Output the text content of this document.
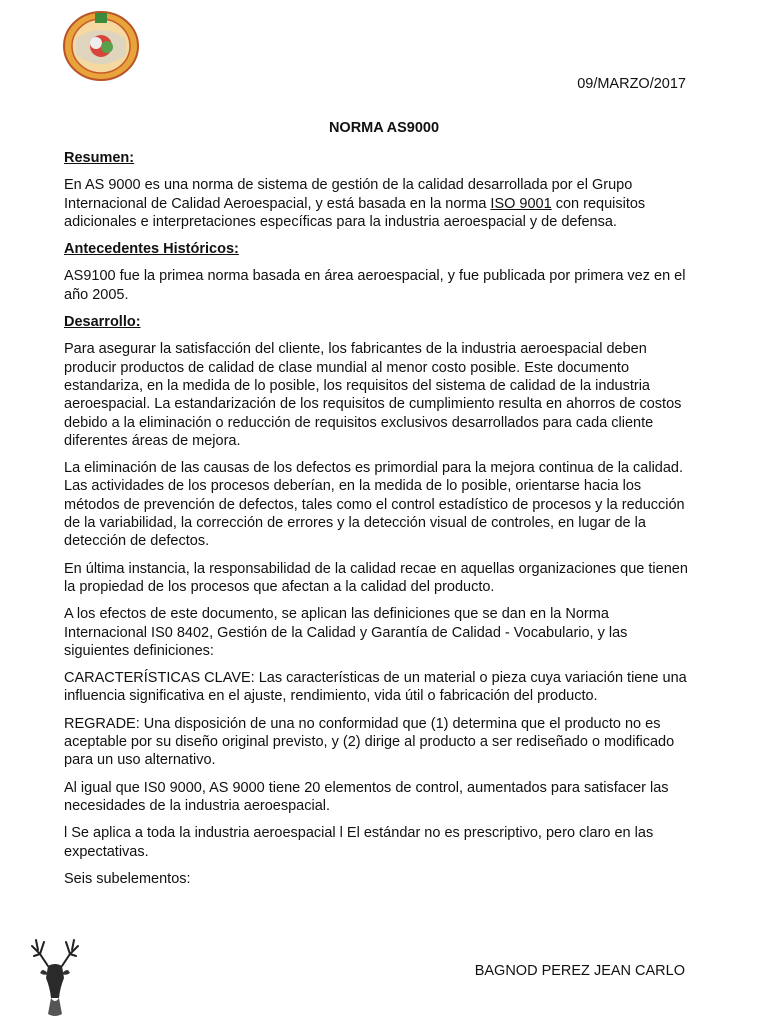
09/MARZO/2017
NORMA AS9000
Resumen:

En AS 9000 es una norma de sistema de gestión de la calidad desarrollada por el Grupo Internacional de Calidad Aeroespacial, y está basada en la norma ISO 9001 con requisitos adicionales e interpretaciones específicas para la industria aeroespacial y de defensa.

Antecedentes Históricos:

AS9100 fue la primea norma basada en área aeroespacial, y fue publicada por primera vez en el año 2005.

Desarrollo:

Para asegurar la satisfacción del cliente, los fabricantes de la industria aeroespacial deben producir productos de calidad de clase mundial al menor costo posible. Este documento estandariza, en la medida de lo posible, los requisitos del sistema de calidad de la industria aeroespacial. La estandarización de los requisitos de cumplimiento resulta en ahorros de costos debido a la eliminación o reducción de requisitos exclusivos desarrollados para cada cliente diferentes áreas de mejora.

La eliminación de las causas de los defectos es primordial para la mejora continua de la calidad. Las actividades de los procesos deberían, en la medida de lo posible, orientarse hacia los métodos de prevención de defectos, tales como el control estadístico de procesos y la reducción de la variabilidad, la corrección de errores y la detección visual de controles, en lugar de la detección de defectos.

En última instancia, la responsabilidad de la calidad recae en aquellas organizaciones que tienen la propiedad de los procesos que afectan a la calidad del producto.

A los efectos de este documento, se aplican las definiciones que se dan en la Norma Internacional IS0 8402, Gestión de la Calidad y Garantía de Calidad - Vocabulario, y las siguientes definiciones:

CARACTERÍSTICAS CLAVE: Las características de un material o pieza cuya variación tiene una influencia significativa en el ajuste, rendimiento, vida útil o fabricación del producto.

REGRADE: Una disposición de una no conformidad que (1) determina que el producto no es aceptable por su diseño original previsto, y (2) dirige al producto a ser rediseñado o modificado para un uso alternativo.

Al igual que IS0 9000, AS 9000 tiene 20 elementos de control, aumentados para satisfacer las necesidades de la industria aeroespacial.

l Se aplica a toda la industria aeroespacial l El estándar no es prescriptivo, pero claro en las expectativas.

Seis subelementos:

BAGNOD PEREZ JEAN CARLO
